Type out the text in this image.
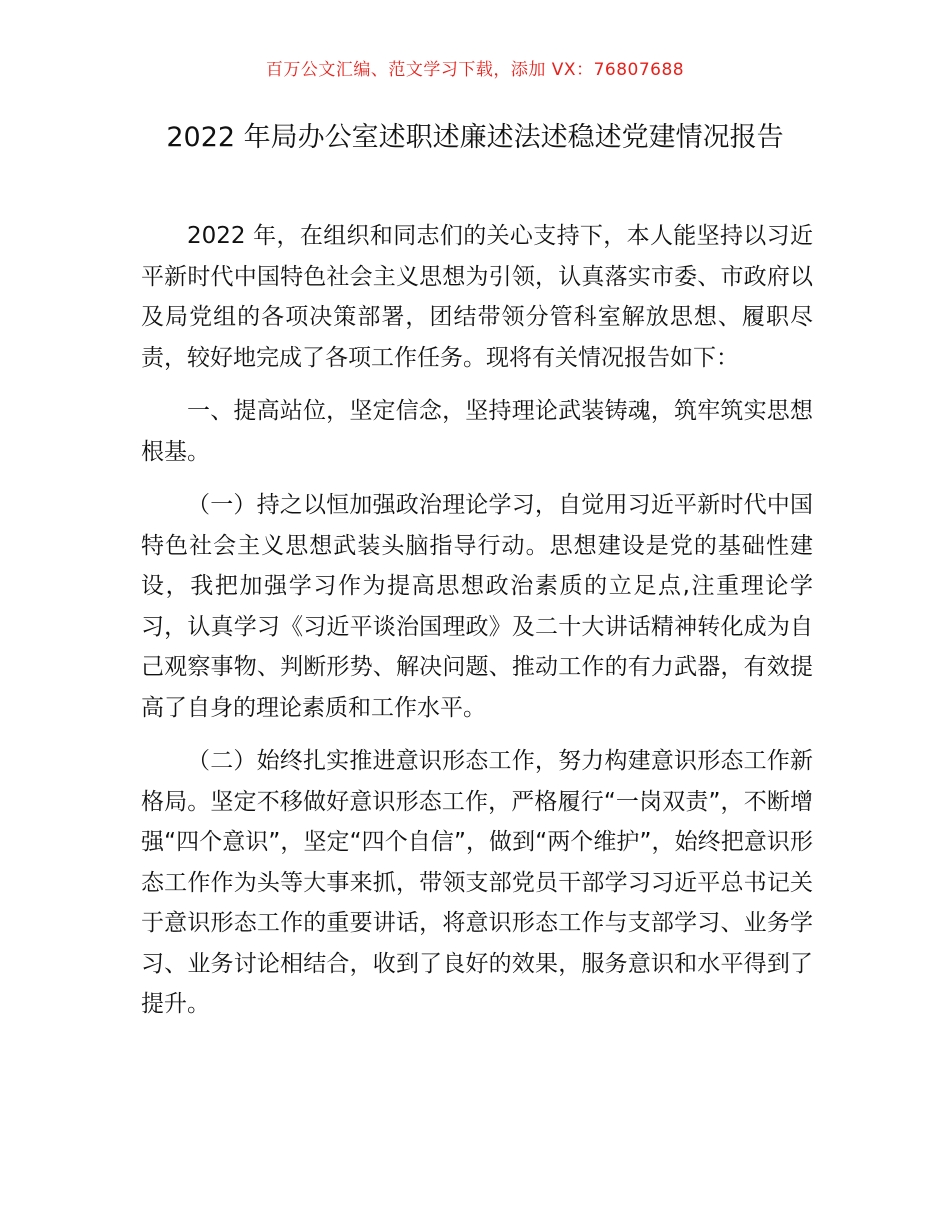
百万公文汇编、范文学习下载，添加 VX：76807688
2022 年局办公室述职述廉述法述稳述党建情况报告

2022 年，在组织和同志们的关心支持下，本人能坚持以习近平新时代中国特色社会主义思想为引领，认真落实市委、市政府以及局党组的各项决策部署，团结带领分管科室解放思想、履职尽责，较好地完成了各项工作任务。现将有关情况报告如下：

一、提高站位，坚定信念，坚持理论武装铸魂，筑牢筑实思想根基。

（一）持之以恒加强政治理论学习，自觉用习近平新时代中国特色社会主义思想武装头脑指导行动。思想建设是党的基础性建设，我把加强学习作为提高思想政治素质的立足点,注重理论学习，认真学习《习近平谈治国理政》及二十大讲话精神转化成为自己观察事物、判断形势、解决问题、推动工作的有力武器，有效提高了自身的理论素质和工作水平。

（二）始终扎实推进意识形态工作，努力构建意识形态工作新格局。坚定不移做好意识形态工作，严格履行“一岗双责”，不断增强“四个意识”，坚定“四个自信”，做到“两个维护”，始终把意识形态工作作为头等大事来抓，带领支部党员干部学习习近平总书记关于意识形态工作的重要讲话，将意识形态工作与支部学习、业务学习、业务讨论相结合，收到了良好的效果，服务意识和水平得到了提升。
